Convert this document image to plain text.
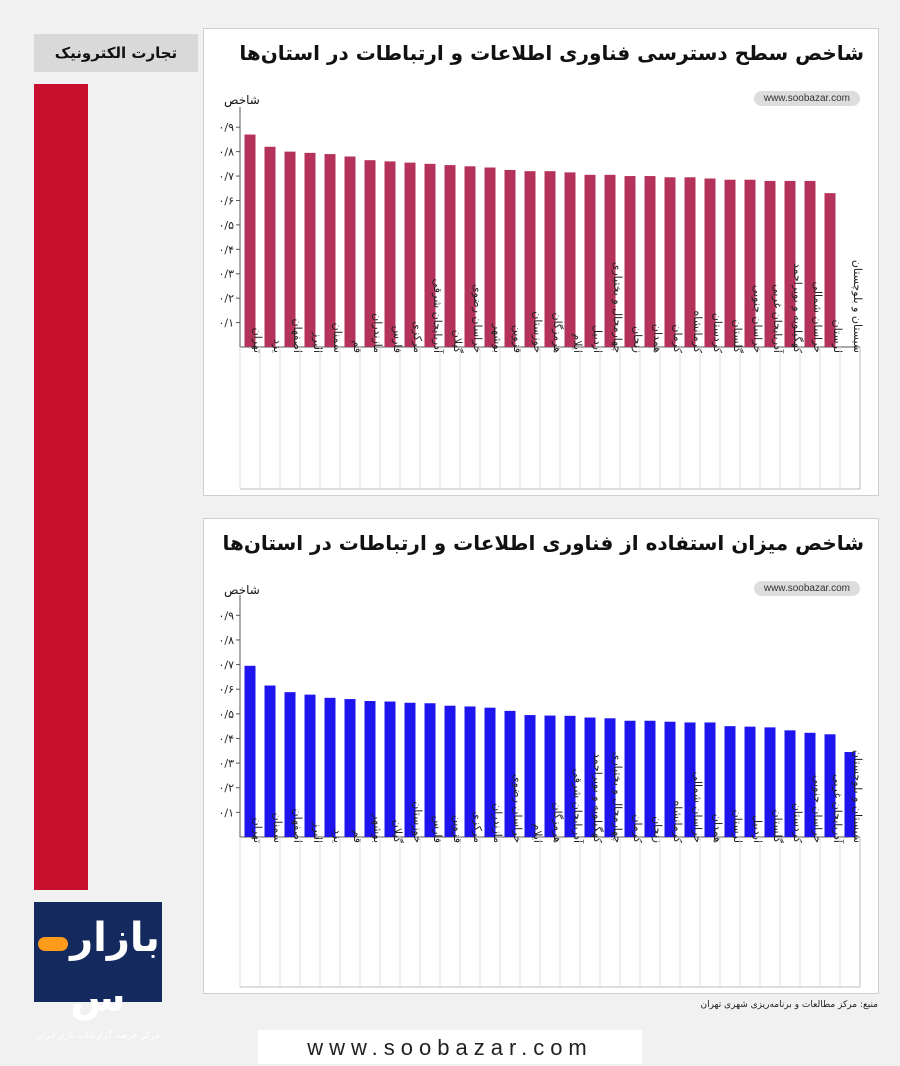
تجارت الکترونیک
بازارس
مرکز عرضه گزارشات بازار ایران
شاخص سطح دسترسی فناوری اطلاعات و ارتباطات در استان‌ها
www.soobazar.com
شاخص
۰/۱
۰/۲
۰/۳
۰/۴
۰/۵
۰/۶
۰/۷
۰/۸
۰/۹
تهران یزد اصفهان البرز سمنان قم مازندران فارس مرکزی آذربایجان شرقی گیلان خراسان رضوی بوشهر قزوین خوزستان هرمزگان ایلام اردبیل چهارمحال و بختیاری زنجان همدان کرمان کرمانشاه کردستان گلستان خراسان جنوبی آذربایجان غربی کهگیلویه و بویراحمد خراسان شمالی لرستان سیستان و بلوچستان
شاخص میزان استفاده از فناوری اطلاعات و ارتباطات در استان‌ها
www.soobazar.com
شاخص
۰/۱
۰/۲
۰/۳
۰/۴
۰/۵
۰/۶
۰/۷
۰/۸
۰/۹
تهران سمنان اصفهان البرز یزد قم بوشهر گیلان خوزستان فارس قزوین مرکزی مازندران خراسان رضوی ایلام هرمزگان آذربایجان شرقی کهگیلویه و بویراحمد چهارمحال و بختیاری کرمان زنجان کرمانشاه خراسان شمالی همدان لرستان اردبیل گلستان کردستان خراسان جنوبی آذربایجان غربی سیستان و بلوچستان
منبع: مرکز مطالعات و برنامه‌ریزی شهری تهران
www.soobazar.com
